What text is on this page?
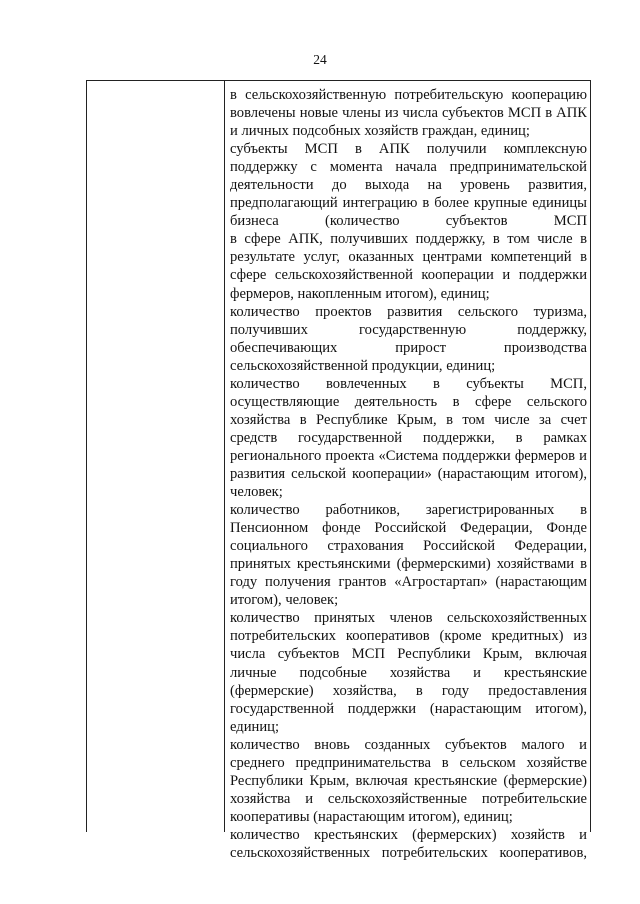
24
в сельскохозяйственную потребительскую кооперацию
вовлечены новые члены из числа субъектов МСП в АПК
и личных подсобных хозяйств граждан, единиц;
субъекты МСП в АПК получили комплексную
поддержку с момента начала предпринимательской
деятельности до выхода на уровень развития,
предполагающий интеграцию в более крупные единицы
бизнеса (количество субъектов МСП
в сфере АПК, получивших поддержку, в том числе в
результате услуг, оказанных центрами компетенций в
сфере сельскохозяйственной кооперации и поддержки
фермеров, накопленным итогом), единиц;
количество проектов развития сельского туризма,
получивших государственную поддержку,
обеспечивающих прирост производства
сельскохозяйственной продукции, единиц;
количество вовлеченных в субъекты МСП,
осуществляющие деятельность в сфере сельского
хозяйства в Республике Крым, в том числе за счет
средств государственной поддержки, в рамках
регионального проекта «Система поддержки фермеров и
развития сельской кооперации» (нарастающим итогом),
человек;
количество работников, зарегистрированных в
Пенсионном фонде Российской Федерации, Фонде
социального страхования Российской Федерации,
принятых крестьянскими (фермерскими) хозяйствами в
году получения грантов «Агростартап» (нарастающим
итогом), человек;
количество принятых членов сельскохозяйственных
потребительских кооперативов (кроме кредитных) из
числа субъектов МСП Республики Крым, включая
личные подсобные хозяйства и крестьянские
(фермерские) хозяйства, в году предоставления
государственной поддержки (нарастающим итогом),
единиц;
количество вновь созданных субъектов малого и
среднего предпринимательства в сельском хозяйстве
Республики Крым, включая крестьянские (фермерские)
хозяйства и сельскохозяйственные потребительские
кооперативы (нарастающим итогом), единиц;
количество крестьянских (фермерских) хозяйств и
сельскохозяйственных потребительских кооперативов,
